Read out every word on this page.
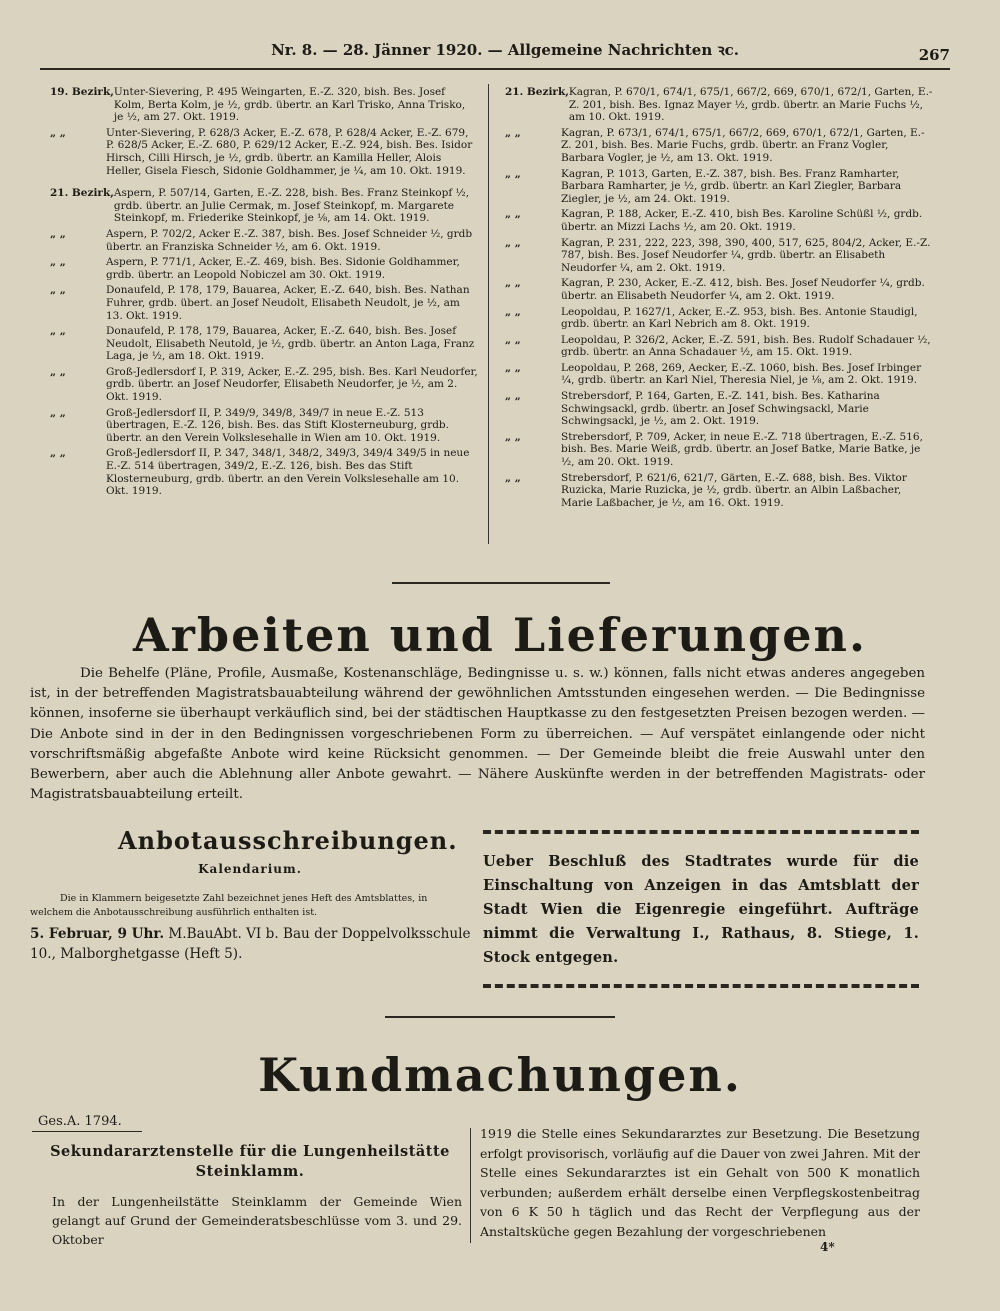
Nr. 8. — 28. Jänner 1920. — Allgemeine Nachrichten ꝛc.	267
19. Bezirk, Unter-Sievering, P. 495 Weingarten, E.-Z. 320, bish. Bes. Josef Kolm, Berta Kolm, je ½, grdb. übertr. an Karl Trisko, Anna Trisko, je ½, am 27. Okt. 1919.
„ „	Unter-Sievering, P. 628/3 Acker, E.-Z. 678, P. 628/4 Acker, E.-Z. 679, P. 628/5 Acker, E.-Z. 680, P. 629/12 Acker, E.-Z. 924, bish. Bes. Isidor Hirsch, Cilli Hirsch, je ½, grdb. übertr. an Kamilla Heller, Alois Heller, Gisela Fiesch, Sidonie Goldhammer, je ¼, am 10. Okt. 1919.
21. Bezirk, Aspern, P. 507/14, Garten, E.-Z. 228, bish. Bes. Franz Steinkopf ½, grdb. übertr. an Julie Cermak, m. Josef Steinkopf, m. Margarete Steinkopf, m. Friederike Steinkopf, je ⅛, am 14. Okt. 1919.
„ „	Aspern, P. 702/2, Acker E.-Z. 387, bish. Bes. Josef Schneider ½, grdb übertr. an Franziska Schneider ½, am 6. Okt. 1919.
„ „	Aspern, P. 771/1, Acker, E.-Z. 469, bish. Bes. Sidonie Goldhammer, grdb. übertr. an Leopold Nobiczel am 30. Okt. 1919.
„ „	Donaufeld, P. 178, 179, Bauarea, Acker, E.-Z. 640, bish. Bes. Nathan Fuhrer, grdb. übert. an Josef Neudolt, Elisabeth Neudolt, je ½, am 13. Okt. 1919.
„ „	Donaufeld, P. 178, 179, Bauarea, Acker, E.-Z. 640, bish. Bes. Josef Neudolt, Elisabeth Neutold, je ½, grdb. übertr. an Anton Laga, Franz Laga, je ½, am 18. Okt. 1919.
„ „	Groß-Jedlersdorf I, P. 319, Acker, E.-Z. 295, bish. Bes. Karl Neudorfer, grdb. übertr. an Josef Neudorfer, Elisabeth Neudorfer, je ½, am 2. Okt. 1919.
„ „	Groß-Jedlersdorf II, P. 349/9, 349/8, 349/7 in neue E.-Z. 513 übertragen, E.-Z. 126, bish. Bes. das Stift Klosterneuburg, grdb. übertr. an den Verein Volkslesehalle in Wien am 10. Okt. 1919.
„ „	Groß-Jedlersdorf II, P. 347, 348/1, 348/2, 349/3, 349/4 349/5 in neue E.-Z. 514 übertragen, 349/2, E.-Z. 126, bish. Bes das Stift Klosterneuburg, grdb. übertr. an den Verein Volkslesehalle am 10. Okt. 1919.
21. Bezirk, Kagran, P. 670/1, 674/1, 675/1, 667/2, 669, 670/1, 672/1, Garten, E.-Z. 201, bish. Bes. Ignaz Mayer ½, grdb. übertr. an Marie Fuchs ½, am 10. Okt. 1919.
„ „	Kagran, P. 673/1, 674/1, 675/1, 667/2, 669, 670/1, 672/1, Garten, E.-Z. 201, bish. Bes. Marie Fuchs, grdb. übertr. an Franz Vogler, Barbara Vogler, je ½, am 13. Okt. 1919.
„ „	Kagran, P. 1013, Garten, E.-Z. 387, bish. Bes. Franz Ramharter, Barbara Ramharter, je ½, grdb. übertr. an Karl Ziegler, Barbara Ziegler, je ½, am 24. Okt. 1919.
„ „	Kagran, P. 188, Acker, E.-Z. 410, bish Bes. Karoline Schüßl ½, grdb. übertr. an Mizzi Lachs ½, am 20. Okt. 1919.
„ „	Kagran, P. 231, 222, 223, 398, 390, 400, 517, 625, 804/2, Acker, E.-Z. 787, bish. Bes. Josef Neudorfer ¼, grdb. übertr. an Elisabeth Neudorfer ¼, am 2. Okt. 1919.
„ „	Kagran, P. 230, Acker, E.-Z. 412, bish. Bes. Josef Neudorfer ¼, grdb. übertr. an Elisabeth Neudorfer ¼, am 2. Okt. 1919.
„ „	Leopoldau, P. 1627/1, Acker, E.-Z. 953, bish. Bes. Antonie Staudigl, grdb. übertr. an Karl Nebrich am 8. Okt. 1919.
„ „	Leopoldau, P. 326/2, Acker, E.-Z. 591, bish. Bes. Rudolf Schadauer ½, grdb. übertr. an Anna Schadauer ½, am 15. Okt. 1919.
„ „	Leopoldau, P. 268, 269, Aecker, E.-Z. 1060, bish. Bes. Josef Irbinger ¼, grdb. übertr. an Karl Niel, Theresia Niel, je ⅛, am 2. Okt. 1919.
„ „	Strebersdorf, P. 164, Garten, E.-Z. 141, bish. Bes. Katharina Schwingsackl, grdb. übertr. an Josef Schwingsackl, Marie Schwingsackl, je ½, am 2. Okt. 1919.
„ „	Strebersdorf, P. 709, Acker, in neue E.-Z. 718 übertragen, E.-Z. 516, bish. Bes. Marie Weiß, grdb. übertr. an Josef Batke, Marie Batke, je ½, am 20. Okt. 1919.
„ „	Strebersdorf, P. 621/6, 621/7, Gärten, E.-Z. 688, bish. Bes. Viktor Ruzicka, Marie Ruzicka, je ½, grdb. übertr. an Albin Laßbacher, Marie Laßbacher, je ½, am 16. Okt. 1919.
Arbeiten und Lieferungen.
Die Behelfe (Pläne, Profile, Ausmaße, Kostenanschläge, Bedingnisse u. s. w.) können, falls nicht etwas anderes angegeben ist, in der betreffenden Magistratsbauabteilung während der gewöhnlichen Amtsstunden eingesehen werden. — Die Bedingnisse können, insoferne sie überhaupt verkäuflich sind, bei der städtischen Hauptkasse zu den festgesetzten Preisen bezogen werden. — Die Anbote sind in der in den Bedingnissen vorgeschriebenen Form zu überreichen. — Auf verspätet einlangende oder nicht vorschriftsmäßig abgefaßte Anbote wird keine Rücksicht genommen. — Der Gemeinde bleibt die freie Auswahl unter den Bewerbern, aber auch die Ablehnung aller Anbote gewahrt. — Nähere Auskünfte werden in der betreffenden Magistrats- oder Magistratsbauabteilung erteilt.
Anbotausschreibungen.
Kalendarium.
Die in Klammern beigesetzte Zahl bezeichnet jenes Heft des Amtsblattes, in welchem die Anbotausschreibung ausführlich enthalten ist.
5. Februar, 9 Uhr. M.BauAbt. VI b. Bau der Doppelvolksschule 10., Malborghetgasse (Heft 5).
Ueber Beschluß des Stadtrates wurde für die Einschaltung von Anzeigen in das Amtsblatt der Stadt Wien die Eigenregie eingeführt. Aufträge nimmt die Verwaltung I., Rathaus, 8. Stiege, 1. Stock entgegen.
Kundmachungen.
Ges.A. 1794.
Sekundararztenstelle für die Lungenheilstätte Steinklamm.
In der Lungenheilstätte Steinklamm der Gemeinde Wien gelangt auf Grund der Gemeinderatsbeschlüsse vom 3. und 29. Oktober
1919 die Stelle eines Sekundararztes zur Besetzung. Die Besetzung erfolgt provisorisch, vorläufig auf die Dauer von zwei Jahren. Mit der Stelle eines Sekundararztes ist ein Gehalt von 500 K monatlich verbunden; außerdem erhält derselbe einen Verpflegskostenbeitrag von 6 K 50 h täglich und das Recht der Verpflegung aus der Anstaltsküche gegen Bezahlung der vorgeschriebenen
4*
